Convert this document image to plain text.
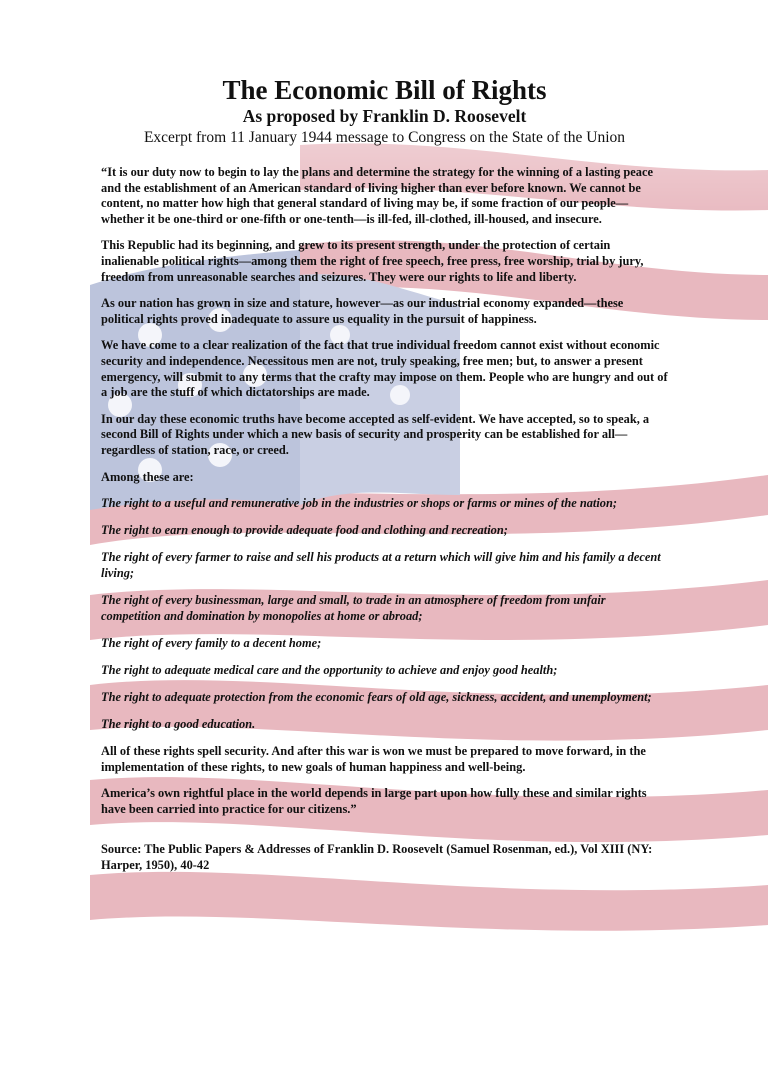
The Economic Bill of Rights
As proposed by Franklin D. Roosevelt
Excerpt from 11 January 1944 message to Congress on the State of the Union

“It is our duty now to begin to lay the plans and determine the strategy for the winning of a lasting peace and the establishment of an American standard of living higher than ever before known. We cannot be content, no matter how high that general standard of living may be, if some fraction of our people—whether it be one-third or one-fifth or one-tenth—is ill-fed, ill-clothed, ill-housed, and insecure.

This Republic had its beginning, and grew to its present strength, under the protection of certain inalienable political rights—among them the right of free speech, free press, free worship, trial by jury, freedom from unreasonable searches and seizures. They were our rights to life and liberty.

As our nation has grown in size and stature, however—as our industrial economy expanded—these political rights proved inadequate to assure us equality in the pursuit of happiness.

We have come to a clear realization of the fact that true individual freedom cannot exist without economic security and independence. Necessitous men are not, truly speaking, free men; but, to answer a present emergency, will submit to any terms that the crafty may impose on them. People who are hungry and out of a job are the stuff of which dictatorships are made.

In our day these economic truths have become accepted as self-evident. We have accepted, so to speak, a second Bill of Rights under which a new basis of security and prosperity can be established for all—regardless of station, race, or creed.

Among these are:

The right to a useful and remunerative job in the industries or shops or farms or mines of the nation;

The right to earn enough to provide adequate food and clothing and recreation;

The right of every farmer to raise and sell his products at a return which will give him and his family a decent living;

The right of every businessman, large and small, to trade in an atmosphere of freedom from unfair competition and domination by monopolies at home or abroad;

The right of every family to a decent home;

The right to adequate medical care and the opportunity to achieve and enjoy good health;

The right to adequate protection from the economic fears of old age, sickness, accident, and unemployment;

The right to a good education.

All of these rights spell security. And after this war is won we must be prepared to move forward, in the implementation of these rights, to new goals of human happiness and well-being.

America’s own rightful place in the world depends in large part upon how fully these and similar rights have been carried into practice for our citizens.”

Source: The Public Papers & Addresses of Franklin D. Roosevelt (Samuel Rosenman, ed.), Vol XIII (NY: Harper, 1950), 40-42
